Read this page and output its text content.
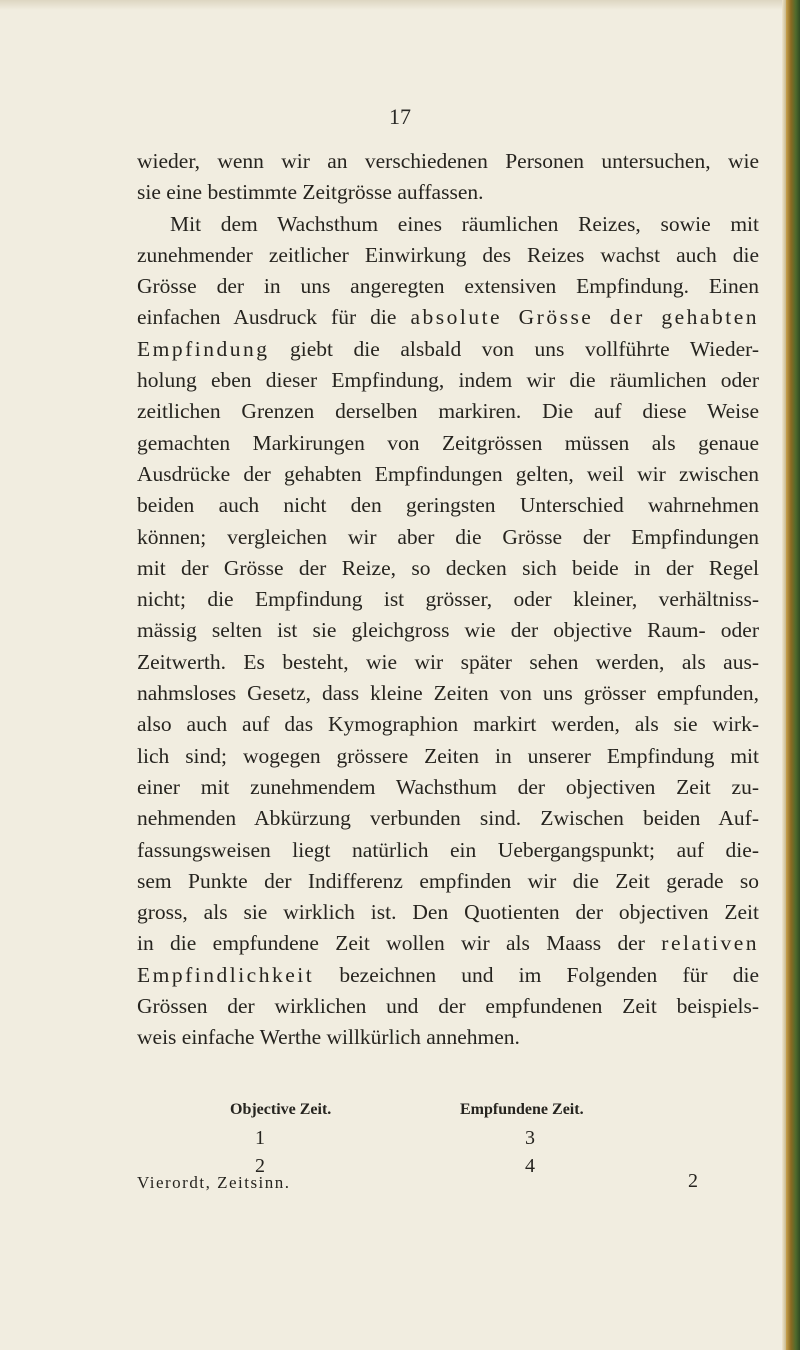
17
wieder, wenn wir an verschiedenen Personen untersuchen, wie
sie eine bestimmte Zeitgrösse auffassen.
Mit dem Wachsthum eines räumlichen Reizes, sowie mit
zunehmender zeitlicher Einwirkung des Reizes wachst auch die
Grösse der in uns angeregten extensiven Empfindung. Einen
einfachen Ausdruck für die absolute Grösse der gehabten
Empfindung giebt die alsbald von uns vollführte Wieder-
holung eben dieser Empfindung, indem wir die räumlichen oder
zeitlichen Grenzen derselben markiren. Die auf diese Weise
gemachten Markirungen von Zeitgrössen müssen als genaue
Ausdrücke der gehabten Empfindungen gelten, weil wir zwischen
beiden auch nicht den geringsten Unterschied wahrnehmen
können; vergleichen wir aber die Grösse der Empfindungen
mit der Grösse der Reize, so decken sich beide in der Regel
nicht; die Empfindung ist grösser, oder kleiner, verhältniss-
mässig selten ist sie gleichgross wie der objective Raum- oder
Zeitwerth. Es besteht, wie wir später sehen werden, als aus-
nahmsloses Gesetz, dass kleine Zeiten von uns grösser empfunden,
also auch auf das Kymographion markirt werden, als sie wirk-
lich sind; wogegen grössere Zeiten in unserer Empfindung mit
einer mit zunehmendem Wachsthum der objectiven Zeit zu-
nehmenden Abkürzung verbunden sind. Zwischen beiden Auf-
fassungsweisen liegt natürlich ein Uebergangspunkt; auf die-
sem Punkte der Indifferenz empfinden wir die Zeit gerade so
gross, als sie wirklich ist. Den Quotienten der objectiven Zeit
in die empfundene Zeit wollen wir als Maass der relativen
Empfindlichkeit bezeichnen und im Folgenden für die
Grössen der wirklichen und der empfundenen Zeit beispiels-
weis einfache Werthe willkürlich annehmen.
Objective Zeit.	Empfundene Zeit.
1	3
2	4
Vierordt, Zeitsinn.	2
